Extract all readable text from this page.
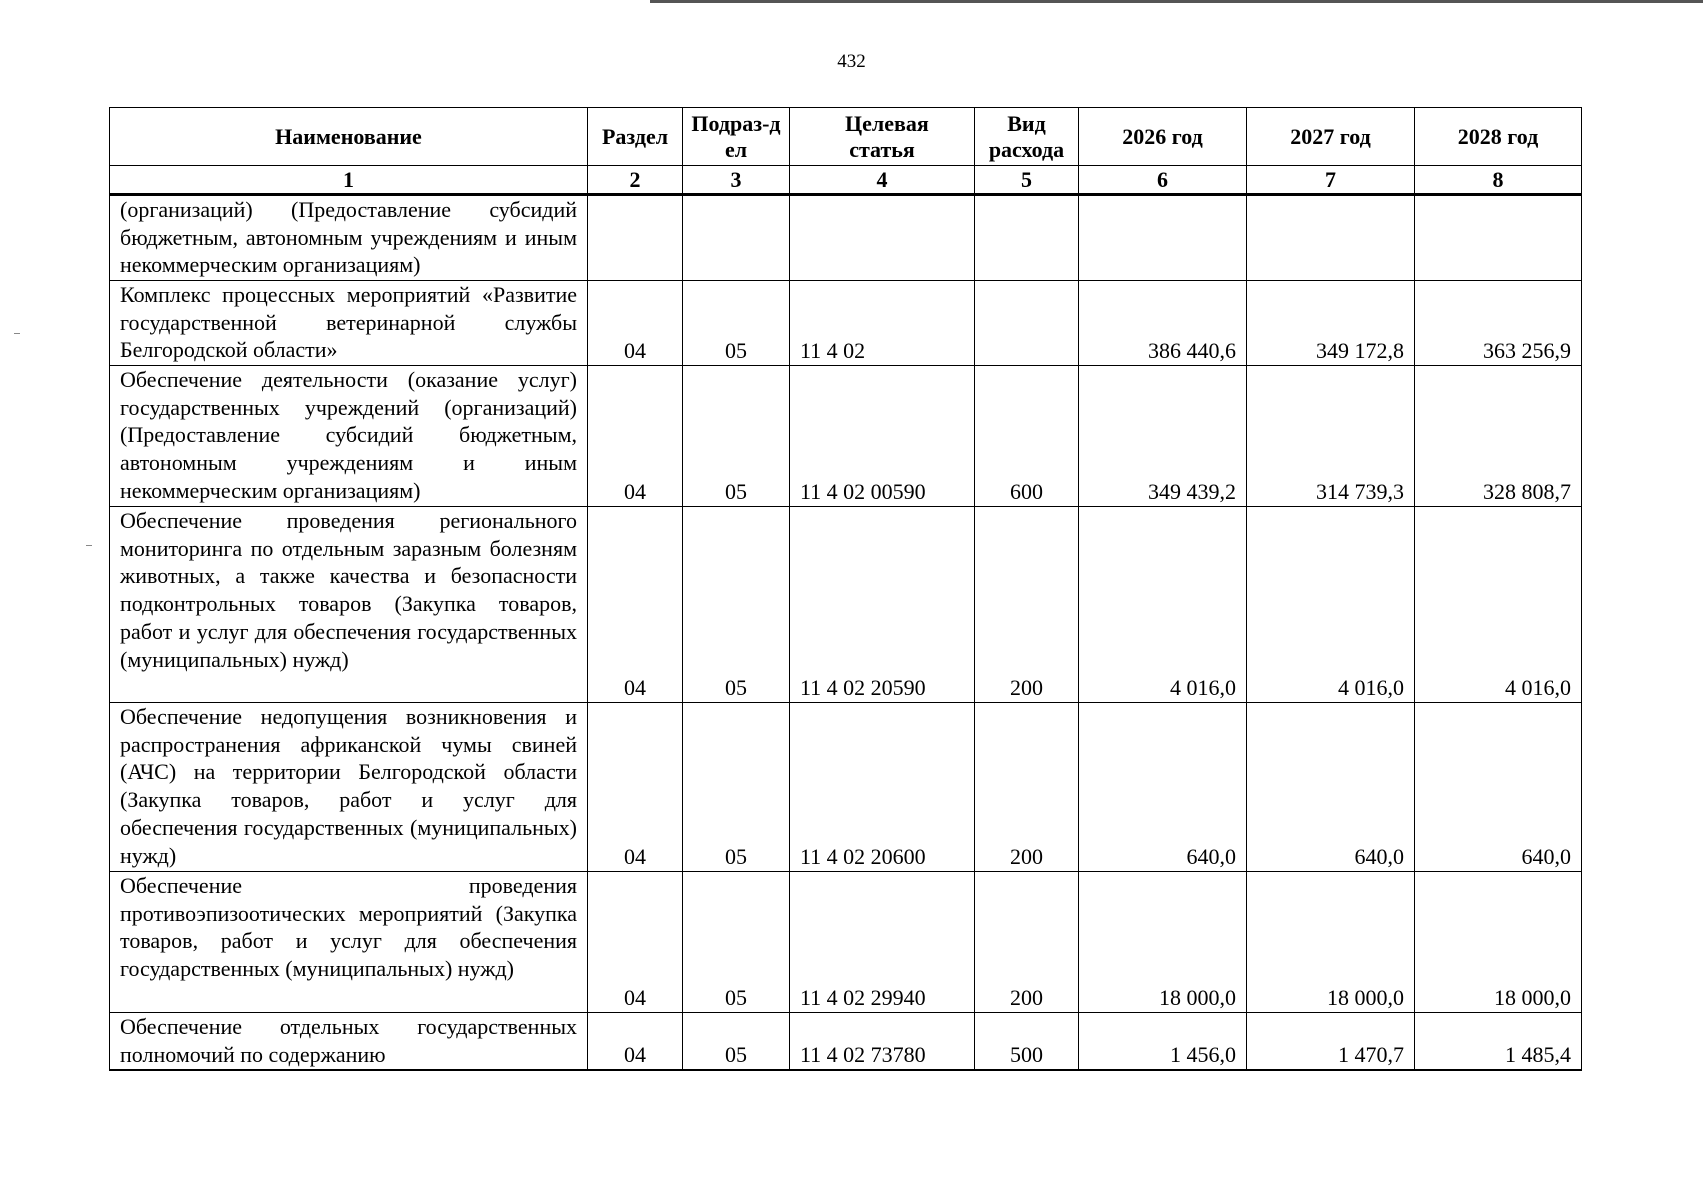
432
Наименование	Раздел	Подраз-дел	Целевая статья	Вид расхода	2026 год	2027 год	2028 год
1	2	3	4	5	6	7	8
(организаций) (Предоставление субсидий бюджетным, автономным учреждениям и иным некоммерческим организациям)							
Комплекс процессных мероприятий «Развитие государственной ветеринарной службы Белгородской области»	04	05	11 4 02		386 440,6	349 172,8	363 256,9
Обеспечение деятельности (оказание услуг) государственных учреждений (организаций) (Предоставление субсидий бюджетным, автономным учреждениям и иным некоммерческим организациям)	04	05	11 4 02 00590	600	349 439,2	314 739,3	328 808,7
Обеспечение проведения регионального мониторинга по отдельным заразным болезням животных, а также качества и безопасности подконтрольных товаров (Закупка товаров, работ и услуг для обеспечения государственных (муниципальных) нужд)	04	05	11 4 02 20590	200	4 016,0	4 016,0	4 016,0
Обеспечение недопущения возникновения и распространения африканской чумы свиней (АЧС) на территории Белгородской области (Закупка товаров, работ и услуг для обеспечения государственных (муниципальных) нужд)	04	05	11 4 02 20600	200	640,0	640,0	640,0
Обеспечение проведения противоэпизоотических мероприятий (Закупка товаров, работ и услуг для обеспечения государственных (муниципальных) нужд)	04	05	11 4 02 29940	200	18 000,0	18 000,0	18 000,0
Обеспечение отдельных государственных полномочий по содержанию	04	05	11 4 02 73780	500	1 456,0	1 470,7	1 485,4
